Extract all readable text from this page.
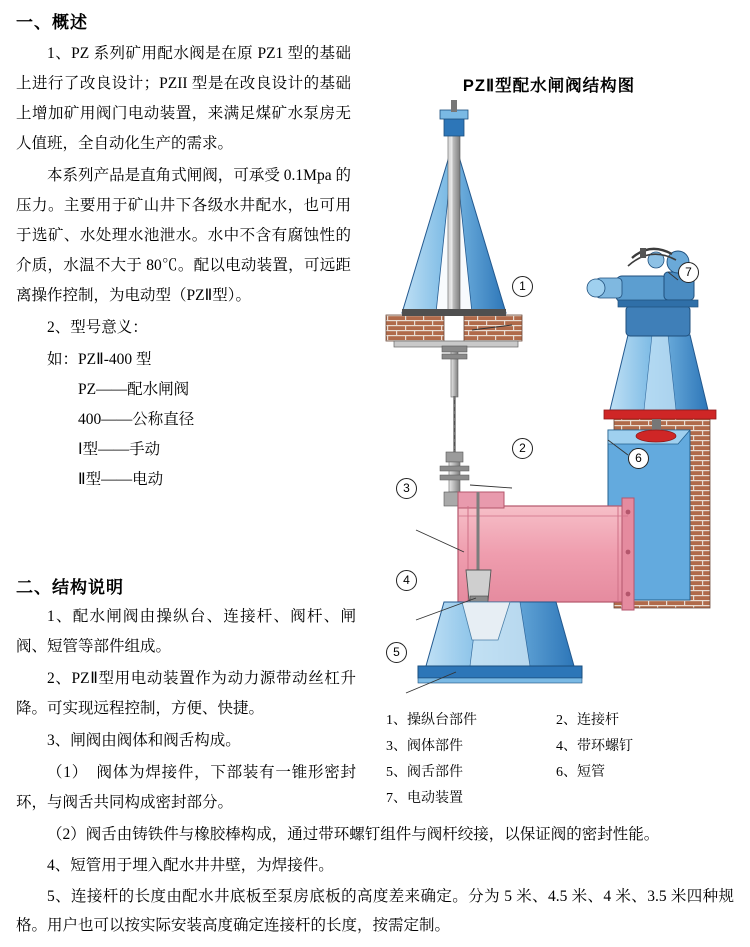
一、概述

1、PZ 系列矿用配水阀是在原 PZ1 型的基础上进行了改良设计；PZII 型是在改良设计的基础上增加矿用阀门电动装置，来满足煤矿水泵房无人值班，全自动化生产的需求。

本系列产品是直角式闸阀，可承受 0.1Mpa 的压力。主要用于矿山井下各级水井配水，也可用于选矿、水处理水池泄水。水中不含有腐蚀性的介质，水温不大于 80℃。配以电动装置，可远距离操作控制，为电动型（PZⅡ型）。

2、型号意义：

如：PZⅡ-400 型
PZ——配水闸阀
400——公称直径
Ⅰ型——手动
Ⅱ型——电动
二、结构说明

1、配水闸阀由操纵台、连接杆、阀杆、闸阀、短管等部件组成。

2、PZⅡ型用电动装置作为动力源带动丝杠升降。可实现远程控制，方便、快捷。

3、闸阀由阀体和阀舌构成。

（1）　阀体为焊接件，下部装有一锥形密封环，与阀舌共同构成密封部分。

（2）阀舌由铸铁件与橡胶棒构成，通过带环螺钉组件与阀杆绞接，以保证阀的密封性能。

4、短管用于埋入配水井井壁，为焊接件。

5、连接杆的长度由配水井底板至泵房底板的高度差来确定。分为 5 米、4.5 米、4 米、3.5 米四种规格。用户也可以按实际安装高度确定连接杆的长度，按需定制。

PZⅡ型配水闸阀结构图
1
2
3
4
5
6
7
1、操纵台部件	2、连接杆
3、阀体部件	4、带环螺钉
5、阀舌部件	6、短管
7、电动装置
